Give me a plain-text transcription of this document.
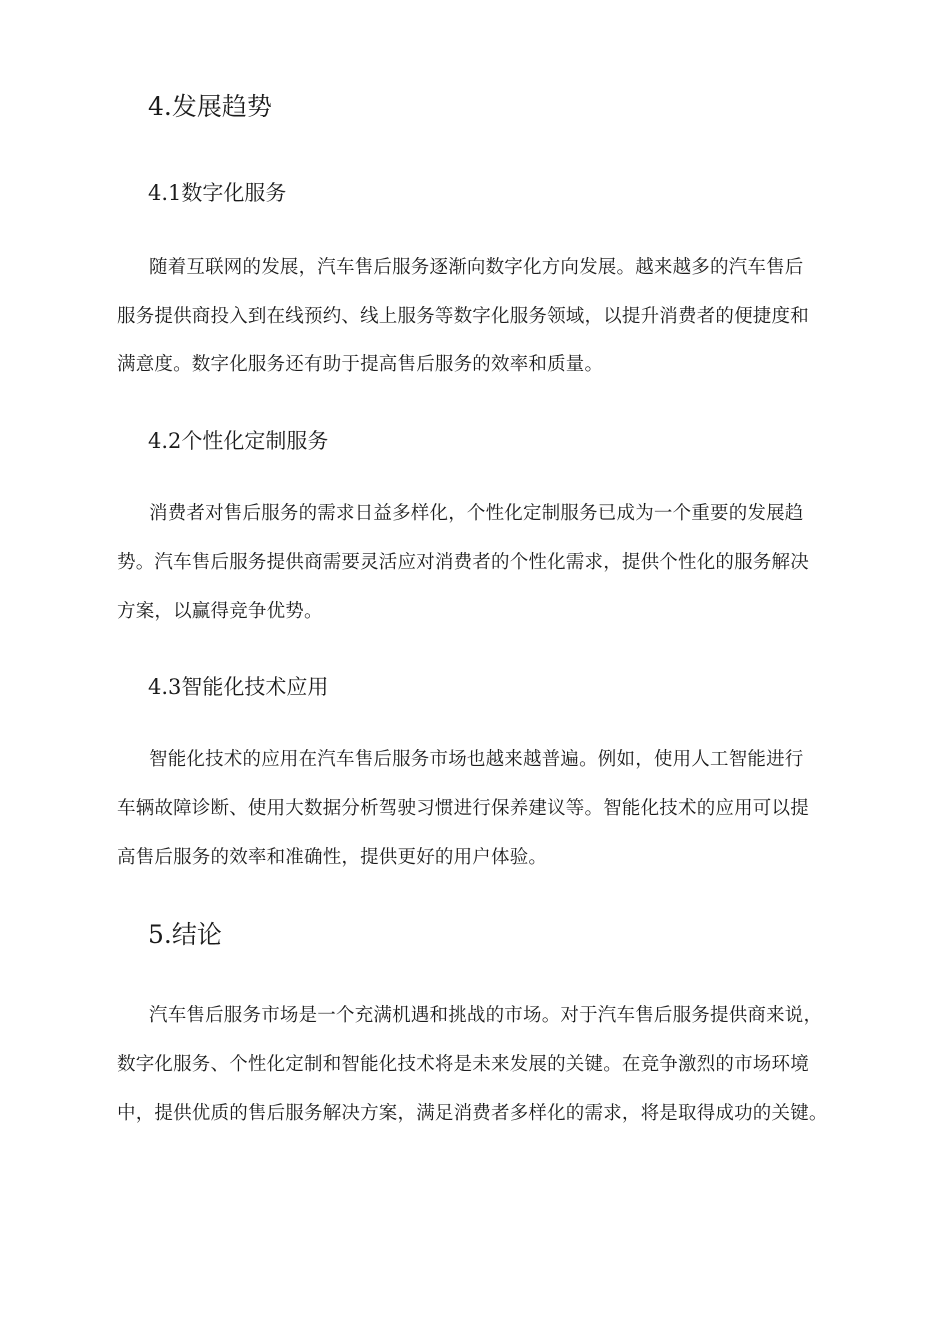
4.发展趋势
4.1数字化服务
随着互联网的发展，汽车售后服务逐渐向数字化方向发展。越来越多的汽车售后
服务提供商投入到在线预约、线上服务等数字化服务领域，以提升消费者的便捷度和
满意度。数字化服务还有助于提高售后服务的效率和质量。
4.2个性化定制服务
消费者对售后服务的需求日益多样化，个性化定制服务已成为一个重要的发展趋
势。汽车售后服务提供商需要灵活应对消费者的个性化需求，提供个性化的服务解决
方案，以赢得竞争优势。
4.3智能化技术应用
智能化技术的应用在汽车售后服务市场也越来越普遍。例如，使用人工智能进行
车辆故障诊断、使用大数据分析驾驶习惯进行保养建议等。智能化技术的应用可以提
高售后服务的效率和准确性，提供更好的用户体验。
5.结论
汽车售后服务市场是一个充满机遇和挑战的市场。对于汽车售后服务提供商来说，
数字化服务、个性化定制和智能化技术将是未来发展的关键。在竞争激烈的市场环境
中，提供优质的售后服务解决方案，满足消费者多样化的需求，将是取得成功的关键。
